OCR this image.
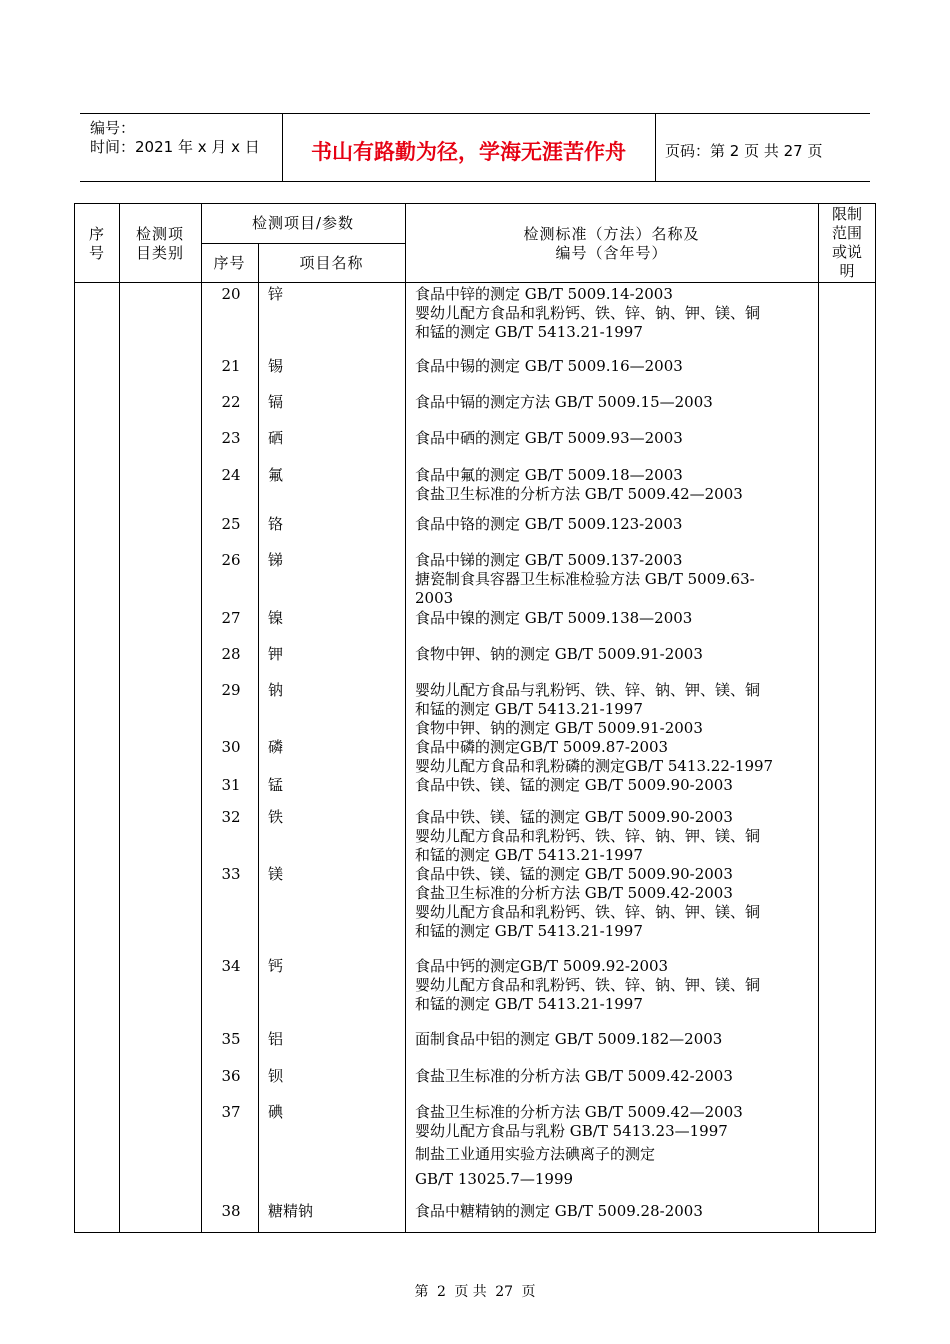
编号：
时间：2021 年 x 月 x 日	书山有路勤为径，学海无涯苦作舟	页码：第 2 页 共 27 页
序
号
检测项
目类别
检测项目/参数
序号	项目名称
检测标准（方法）名称及
编号（含年号）
限制
范围
或说
明
20	锌	食品中锌的测定 GB/T 5009.14-2003
婴幼儿配方食品和乳粉钙、铁、锌、钠、钾、镁、铜
和锰的测定 GB/T 5413.21-1997
21	锡	食品中锡的测定 GB/T 5009.16—2003
22	镉	食品中镉的测定方法 GB/T 5009.15—2003
23	硒	食品中硒的测定 GB/T 5009.93—2003
24	氟	食品中氟的测定 GB/T 5009.18—2003
食盐卫生标准的分析方法 GB/T 5009.42—2003
25	铬	食品中铬的测定 GB/T 5009.123-2003
26	锑	食品中锑的测定 GB/T 5009.137-2003
搪瓷制食具容器卫生标准检验方法 GB/T 5009.63-
2003
27	镍	食品中镍的测定 GB/T 5009.138—2003
28	钾	食物中钾、钠的测定 GB/T 5009.91-2003
29	钠	婴幼儿配方食品与乳粉钙、铁、锌、钠、钾、镁、铜
和锰的测定 GB/T 5413.21-1997
食物中钾、钠的测定 GB/T 5009.91-2003
30	磷	食品中磷的测定GB/T 5009.87-2003
婴幼儿配方食品和乳粉磷的测定GB/T 5413.22-1997
31	锰	食品中铁、镁、锰的测定 GB/T 5009.90-2003
32	铁	食品中铁、镁、锰的测定 GB/T 5009.90-2003
婴幼儿配方食品和乳粉钙、铁、锌、钠、钾、镁、铜
和锰的测定 GB/T 5413.21-1997
33	镁	食品中铁、镁、锰的测定 GB/T 5009.90-2003
食盐卫生标准的分析方法 GB/T 5009.42-2003
婴幼儿配方食品和乳粉钙、铁、锌、钠、钾、镁、铜
和锰的测定 GB/T 5413.21-1997
34	钙	食品中钙的测定GB/T 5009.92-2003
婴幼儿配方食品和乳粉钙、铁、锌、钠、钾、镁、铜
和锰的测定 GB/T 5413.21-1997
35	铝	面制食品中铝的测定 GB/T 5009.182—2003
36	钡	食盐卫生标准的分析方法 GB/T 5009.42-2003
37	碘	食盐卫生标准的分析方法 GB/T 5009.42—2003
婴幼儿配方食品与乳粉 GB/T 5413.23—1997
制盐工业通用实验方法碘离子的测定
GB/T 13025.7—1999
38	糖精钠	食品中糖精钠的测定 GB/T 5009.28-2003
第 2 页 共 27 页
